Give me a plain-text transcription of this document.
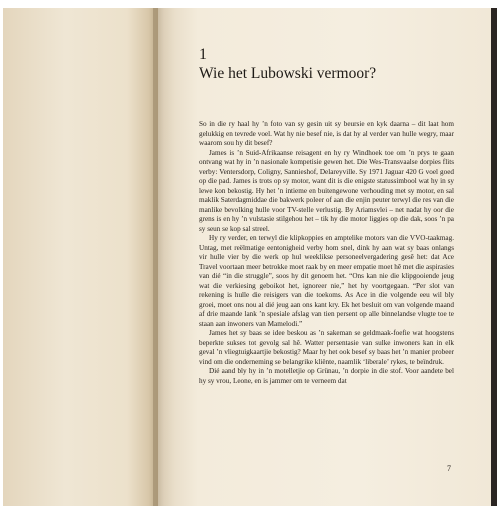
1
Wie het Lubowski vermoor?

So in die ry haal hy ’n foto van sy gesin uit sy beursie en kyk daarna – dit laat hom gelukkig en tevrede voel. Wat hy nie besef nie, is dat hy al verder van hulle wegry, maar waarom sou hy dit besef?

James is ’n Suid-Afrikaanse reisagent en hy ry Windhoek toe om ’n prys te gaan ontvang wat hy in ’n nasionale kompetisie gewen het. Die Wes-Transvaalse dorpies flits verby: Ventersdorp, Coligny, Sannieshof, Delareyville. Sy 1971 Jaguar 420 G voel goed op die pad. James is trots op sy motor, want dit is die enigste statussimbool wat hy in sy lewe kon bekostig. Hy het ’n intieme en buitengewone verhouding met sy motor, en sal maklik Saterdagmiddae die bakwerk poleer of aan die enjin peuter terwyl die res van die manlike bevolking hulle voor TV-stelle verlustig. By Ariamsvlei – net nadat hy oor die grens is en hy ’n vulstasie stilgehou het – tik hy die motor liggies op die dak, soos ’n pa sy seun se kop sal streel.

Hy ry verder, en terwyl die klipkoppies en amptelike motors van die VVO-taakmag. Untag, met reëlmatige eentonigheid verby hom snel, dink hy aan wat sy baas onlangs vir hulle vier by die werk op hul weeklikse personeelvergadering gesê het: dat Ace Travel voortaan meer betrokke moet raak by en meer empatie moet hê met die aspirasies van dié “in die struggle”, soos hy dit genoem het. “Ons kan nie die klipgooiende jeug wat die verkiesing geboikot het, ignoreer nie,” het hy voortgegaan. “Per slot van rekening is hulle die reisigers van die toekoms. As Ace in die volgende eeu wil bly groei, moet ons nou al dié jeug aan ons kant kry. Ek het besluit om van volgende maand af drie maande lank ’n spesiale afslag van tien persent op alle binnelandse vlugte toe te staan aan inwoners van Mamelodi.”

James het sy baas se idee beskou as ’n sakeman se geldmaak-foefie wat hoogstens beperkte sukses tot gevolg sal hê. Watter persentasie van sulke inwoners kan in elk geval ’n vliegtuigkaartjie bekostig? Maar hy het ook besef sy baas het ’n manier probeer vind om die onderneming se belangrike kliënte, naamlik ‘liberale’ rykes, te beïndruk.

Dié aand bly hy in ’n motelletjie op Grünau, ’n dorpie in die stof. Voor aandete bel hy sy vrou, Leone, en is jammer om te verneem dat

7
